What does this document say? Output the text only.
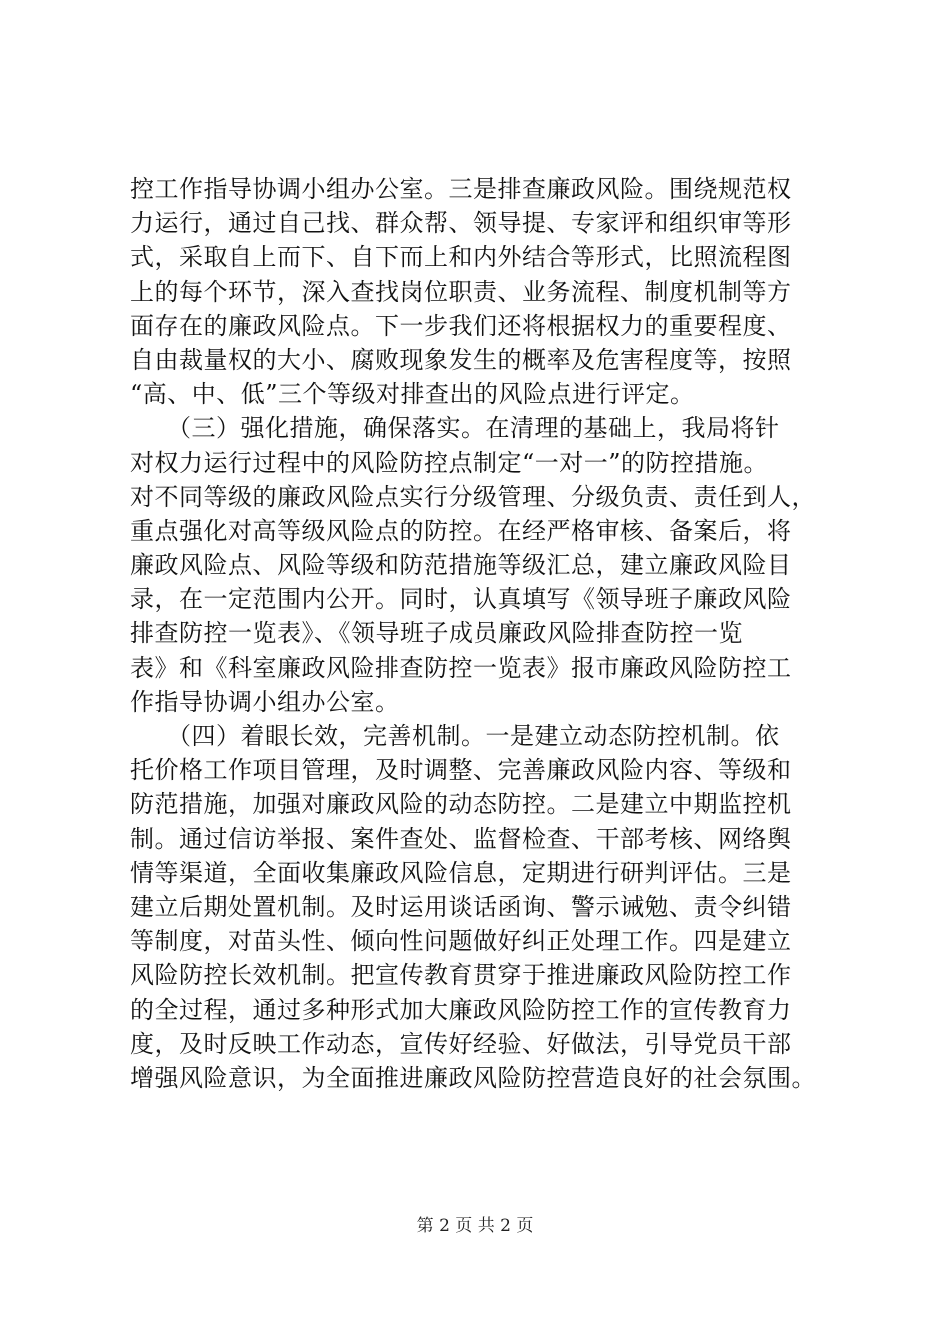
控工作指导协调小组办公室。三是排查廉政风险。围绕规范权
力运行，通过自己找、群众帮、领导提、专家评和组织审等形
式，采取自上而下、自下而上和内外结合等形式，比照流程图
上的每个环节，深入查找岗位职责、业务流程、制度机制等方
面存在的廉政风险点。下一步我们还将根据权力的重要程度、
自由裁量权的大小、腐败现象发生的概率及危害程度等，按照
“高、中、低”三个等级对排查出的风险点进行评定。
　　（三）强化措施，确保落实。在清理的基础上，我局将针
对权力运行过程中的风险防控点制定“一对一”的防控措施。
对不同等级的廉政风险点实行分级管理、分级负责、责任到人，
重点强化对高等级风险点的防控。在经严格审核、备案后，将
廉政风险点、风险等级和防范措施等级汇总，建立廉政风险目
录，在一定范围内公开。同时，认真填写《领导班子廉政风险
排查防控一览表》、《领导班子成员廉政风险排查防控一览
表》和《科室廉政风险排查防控一览表》报市廉政风险防控工
作指导协调小组办公室。
　　（四）着眼长效，完善机制。一是建立动态防控机制。依
托价格工作项目管理，及时调整、完善廉政风险内容、等级和
防范措施，加强对廉政风险的动态防控。二是建立中期监控机
制。通过信访举报、案件查处、监督检查、干部考核、网络舆
情等渠道，全面收集廉政风险信息，定期进行研判评估。三是
建立后期处置机制。及时运用谈话函询、警示诫勉、责令纠错
等制度，对苗头性、倾向性问题做好纠正处理工作。四是建立
风险防控长效机制。把宣传教育贯穿于推进廉政风险防控工作
的全过程，通过多种形式加大廉政风险防控工作的宣传教育力
度，及时反映工作动态，宣传好经验、好做法，引导党员干部
增强风险意识，为全面推进廉政风险防控营造良好的社会氛围。
第 2 页 共 2 页
